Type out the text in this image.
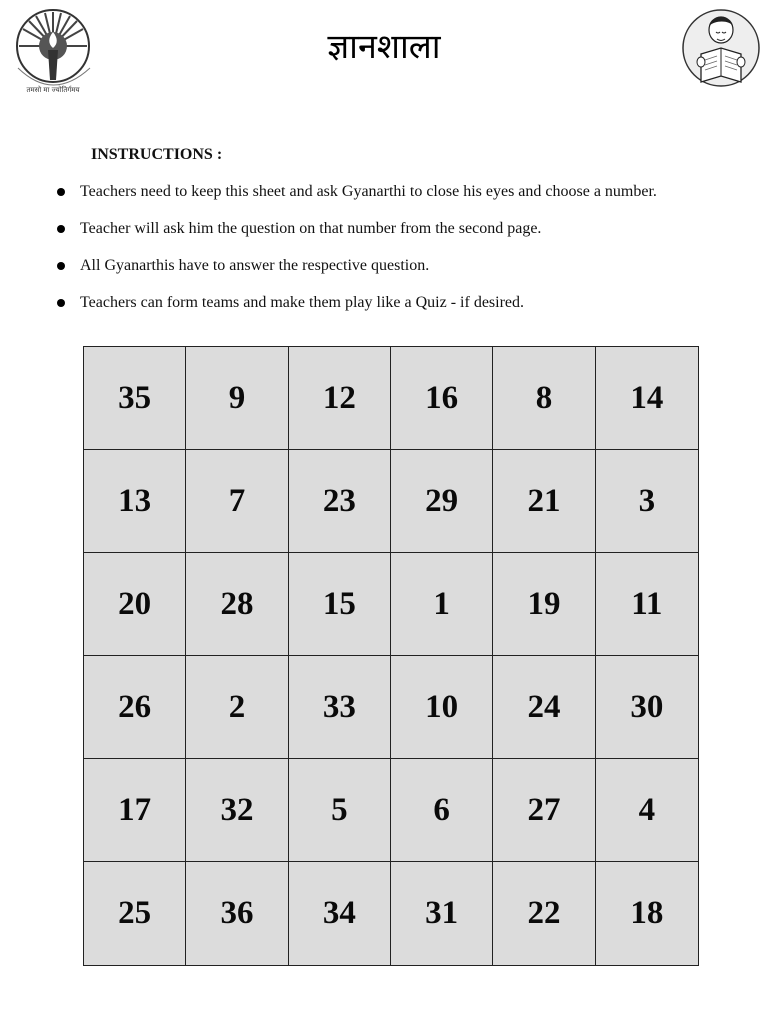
तमसो मा ज्योतिर्गमय
ज्ञानशाला
INSTRUCTIONS :
Teachers need to keep this sheet and ask Gyanarthi to close his eyes and choose a number.
Teacher will ask him the question on that number from the second page.
All Gyanarthis have to answer the respective question.
Teachers can form teams and make them play like a Quiz - if desired.
35	9	12	16	8	14
13	7	23	29	21	3
20	28	15	1	19	11
26	2	33	10	24	30
17	32	5	6	27	4
25	36	34	31	22	18
